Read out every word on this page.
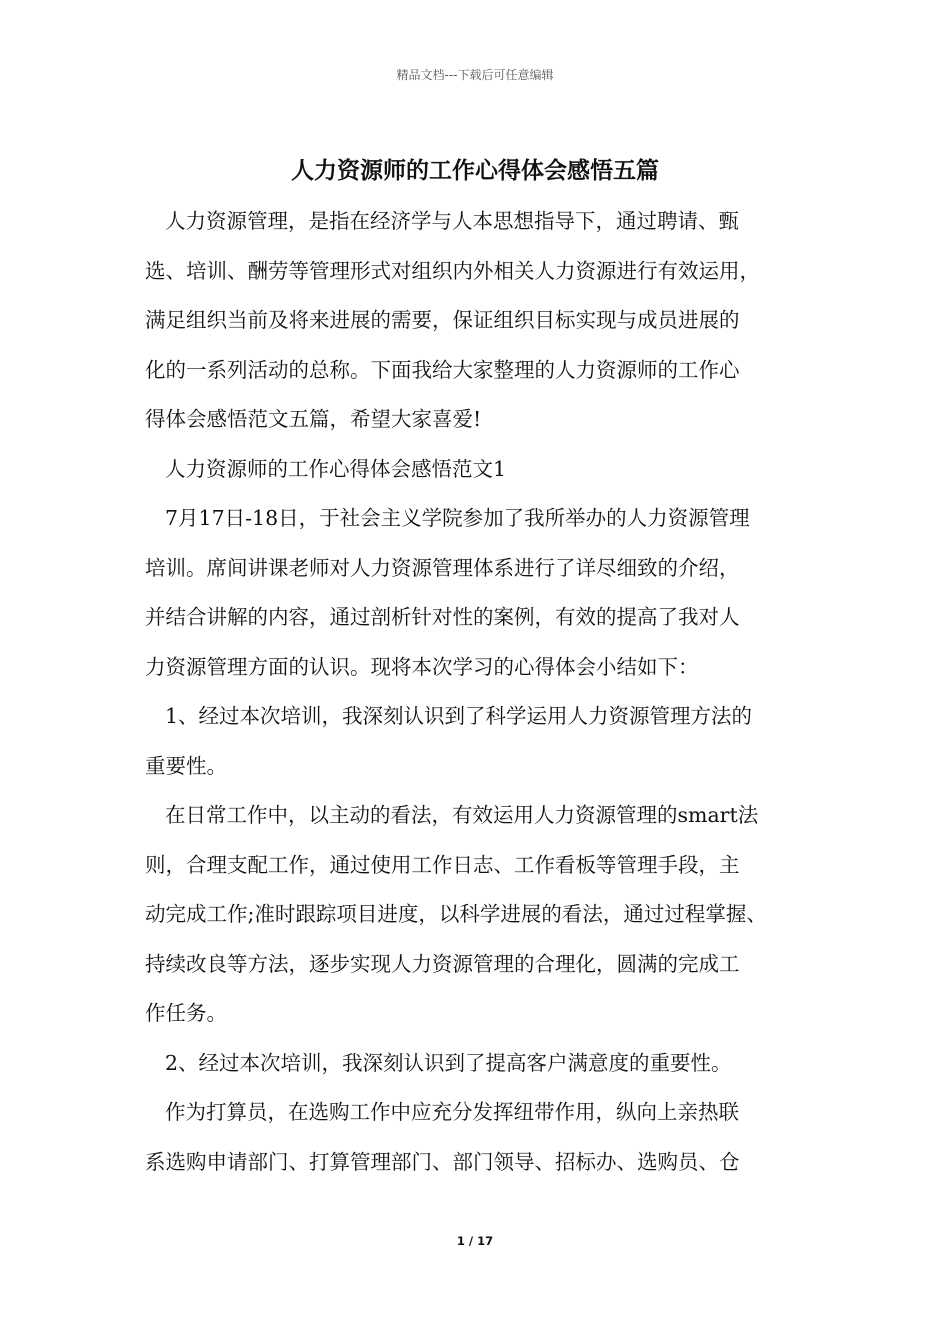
精品文档---下载后可任意编辑
人力资源师的工作心得体会感悟五篇

人力资源管理，是指在经济学与人本思想指导下，通过聘请、甄
选、培训、酬劳等管理形式对组织内外相关人力资源进行有效运用，
满足组织当前及将来进展的需要，保证组织目标实现与成员进展的
化的一系列活动的总称。下面我给大家整理的人力资源师的工作心
得体会感悟范文五篇，希望大家喜爱!

人力资源师的工作心得体会感悟范文1

7月17日-18日，于社会主义学院参加了我所举办的人力资源管理
培训。席间讲课老师对人力资源管理体系进行了详尽细致的介绍，
并结合讲解的内容，通过剖析针对性的案例，有效的提高了我对人
力资源管理方面的认识。现将本次学习的心得体会小结如下：

1、经过本次培训，我深刻认识到了科学运用人力资源管理方法的
重要性。

在日常工作中，以主动的看法，有效运用人力资源管理的smart法
则，合理支配工作，通过使用工作日志、工作看板等管理手段，主
动完成工作;准时跟踪项目进度，以科学进展的看法，通过过程掌握、
持续改良等方法，逐步实现人力资源管理的合理化，圆满的完成工
作任务。

2、经过本次培训，我深刻认识到了提高客户满意度的重要性。

作为打算员，在选购工作中应充分发挥纽带作用，纵向上亲热联
系选购申请部门、打算管理部门、部门领导、招标办、选购员、仓

1 / 17
